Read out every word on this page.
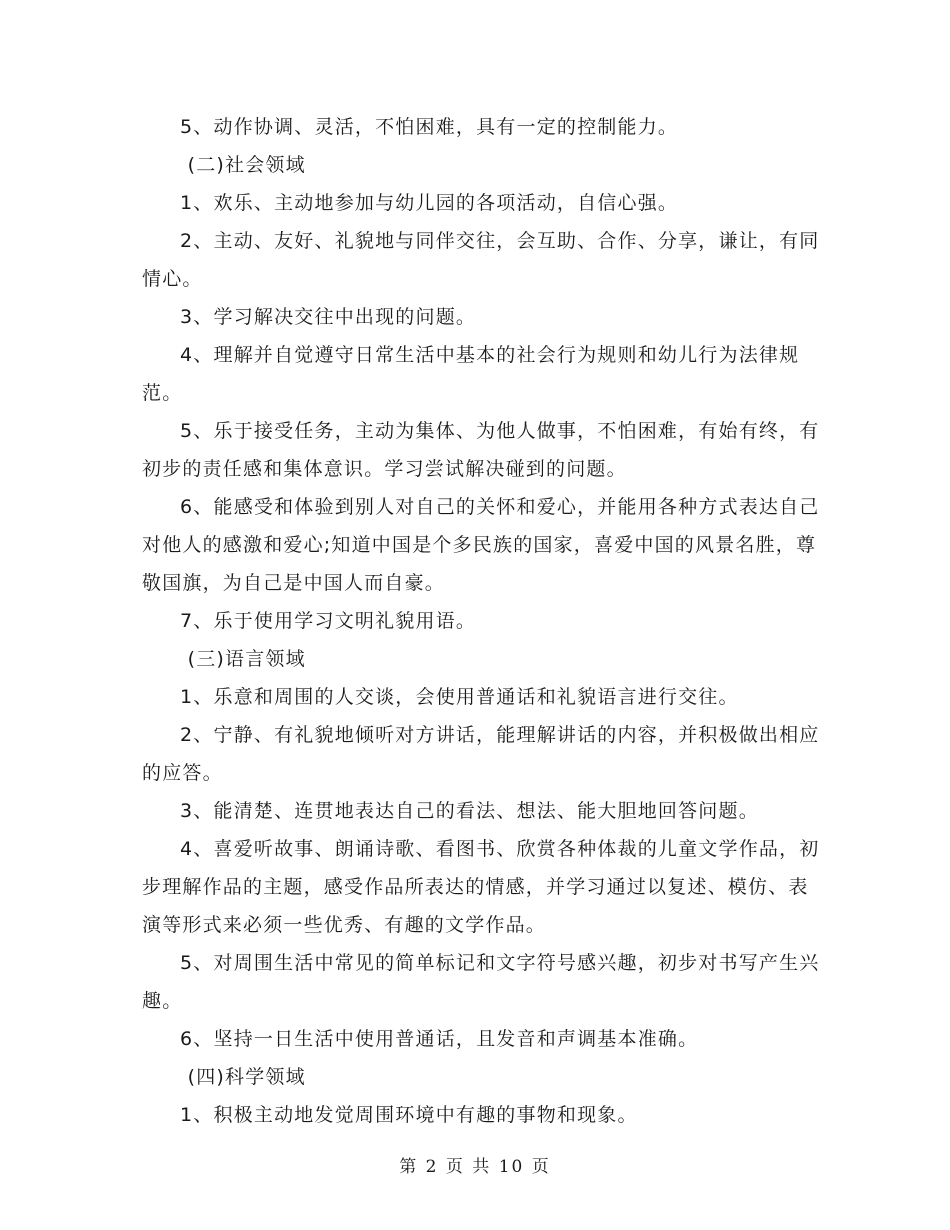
5、动作协调、灵活，不怕困难，具有一定的控制能力。

(二)社会领域

1、欢乐、主动地参加与幼儿园的各项活动，自信心强。

2、主动、友好、礼貌地与同伴交往，会互助、合作、分享，谦让，有同情心。

3、学习解决交往中出现的问题。

4、理解并自觉遵守日常生活中基本的社会行为规则和幼儿行为法律规范。

5、乐于接受任务，主动为集体、为他人做事，不怕困难，有始有终，有初步的责任感和集体意识。学习尝试解决碰到的问题。

6、能感受和体验到别人对自己的关怀和爱心，并能用各种方式表达自己对他人的感激和爱心;知道中国是个多民族的国家，喜爱中国的风景名胜，尊敬国旗，为自己是中国人而自豪。

7、乐于使用学习文明礼貌用语。

(三)语言领域

1、乐意和周围的人交谈，会使用普通话和礼貌语言进行交往。

2、宁静、有礼貌地倾听对方讲话，能理解讲话的内容，并积极做出相应的应答。

3、能清楚、连贯地表达自己的看法、想法、能大胆地回答问题。

4、喜爱听故事、朗诵诗歌、看图书、欣赏各种体裁的儿童文学作品，初步理解作品的主题，感受作品所表达的情感，并学习通过以复述、模仿、表演等形式来必须一些优秀、有趣的文学作品。

5、对周围生活中常见的简单标记和文字符号感兴趣，初步对书写产生兴趣。

6、坚持一日生活中使用普通话，且发音和声调基本准确。

(四)科学领域

1、积极主动地发觉周围环境中有趣的事物和现象。

第 2 页 共 10 页
